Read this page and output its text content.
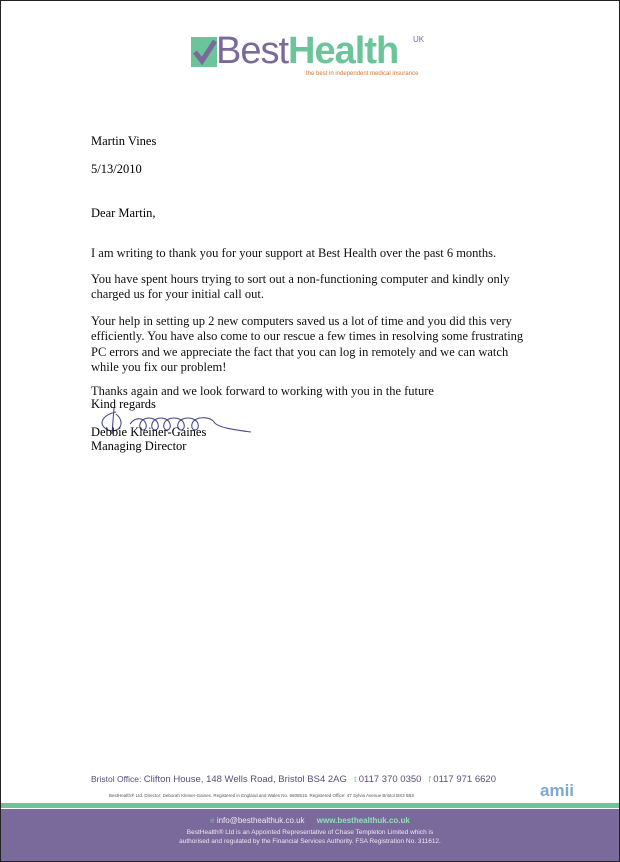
BestHealth UK
the best in independent medical insurance
Martin Vines
5/13/2010
Dear Martin,

I am writing to thank you for your support at Best Health over the past 6 months.

You have spent hours trying to sort out a non-functioning computer and kindly only charged us for your initial call out.

Your help in setting up 2 new computers saved us a lot of time and you did this very efficiently. You have also come to our rescue a few times in resolving some frustrating PC errors and we appreciate the fact that you can log in remotely and we can watch while you fix our problem!

Thanks again and we look forward to working with you in the future

Kind regards
Debbie Kleiner-Gaines
Managing Director
Bristol Office: Clifton House, 148 Wells Road, Bristol BS4 2AG t 0117 370 0350 f 0117 971 6620
BestHealth® Ltd. Director: Deborah Kleiner-Gaines. Registered in England and Wales No. 5608515. Registered Office: 47 Sylvia Avenue Bristol BS3 5BS	amii
e info@besthealthuk.co.uk www.besthealthuk.co.uk
BestHealth® Ltd is an Appointed Representative of Chase Templeton Limited which is
authorised and regulated by the Financial Services Authority. FSA Registration No. 311612.
